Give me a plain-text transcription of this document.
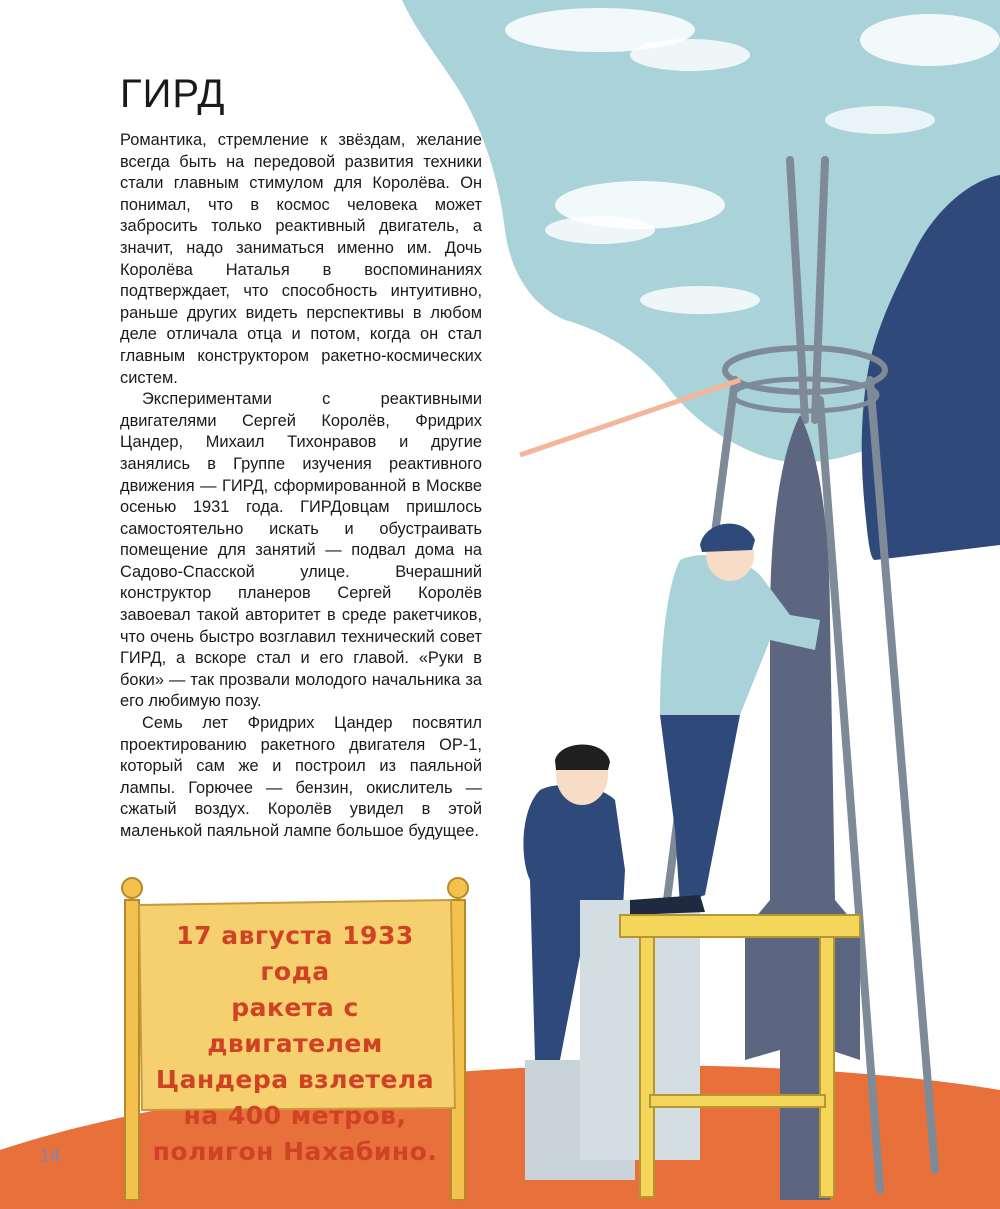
ГИРД

Романтика, стремление к звёздам, желание всегда быть на передовой развития техники стали главным стимулом для Королёва. Он понимал, что в космос человека может забросить только реактивный двигатель, а значит, надо заниматься именно им. Дочь Королёва Наталья в воспоминаниях подтверждает, что способность интуитивно, раньше других видеть перспективы в любом деле отличала отца и потом, когда он стал главным конструктором ракетно-космических систем.

Экспериментами с реактивными двигателями Сергей Королёв, Фридрих Цандер, Михаил Тихонравов и другие занялись в Группе изучения реактивного движения — ГИРД, сформированной в Москве осенью 1931 года. ГИРДовцам пришлось самостоятельно искать и обустраивать помещение для занятий — подвал дома на Садово-Спасской улице. Вчерашний конструктор планеров Сергей Королёв завоевал такой авторитет в среде ракетчиков, что очень быстро возглавил технический совет ГИРД, а вскоре стал и его главой. «Руки в боки» — так прозвали молодого начальника за его любимую позу.

Семь лет Фридрих Цандер посвятил проектированию ракетного двигателя ОР-1, который сам же и построил из паяльной лампы. Горючее — бензин, окислитель — сжатый воздух. Королёв увидел в этой маленькой паяльной лампе большое будущее.

17 августа 1933 года
ракета с двигателем
Цандера взлетела
на 400 метров,
полигон Нахабино.
14
